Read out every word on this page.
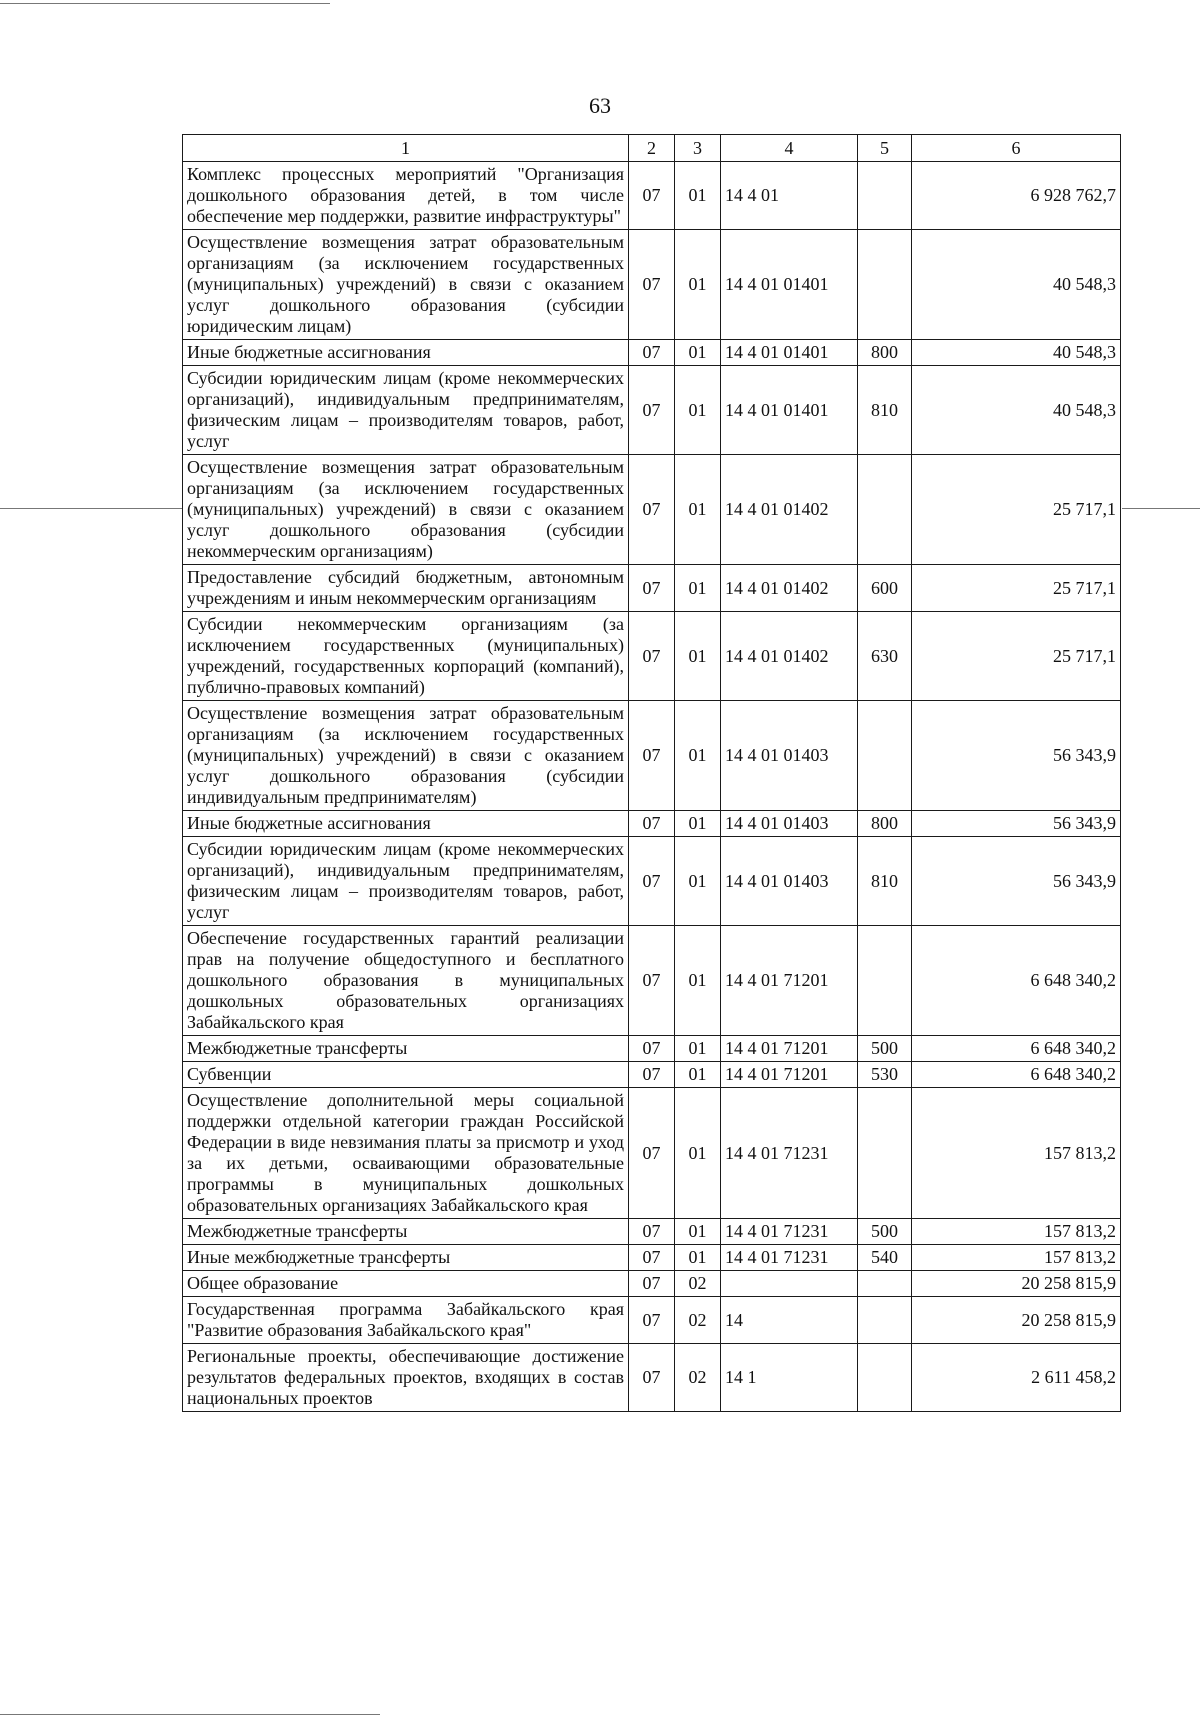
63
1	2	3	4	5	6
Комплекс процессных мероприятий "Организация дошкольного образования детей, в том числе обеспечение мер поддержки, развитие инфраструктуры"	07	01	14 4 01		6 928 762,7
Осуществление возмещения затрат образовательным организациям (за исключением государственных (муниципальных) учреждений) в связи с оказанием услуг дошкольного образования (субсидии юридическим лицам)	07	01	14 4 01 01401		40 548,3
Иные бюджетные ассигнования	07	01	14 4 01 01401	800	40 548,3
Субсидии юридическим лицам (кроме некоммерческих организаций), индивидуальным предпринимателям, физическим лицам – производителям товаров, работ, услуг	07	01	14 4 01 01401	810	40 548,3
Осуществление возмещения затрат образовательным организациям (за исключением государственных (муниципальных) учреждений) в связи с оказанием услуг дошкольного образования (субсидии некоммерческим организациям)	07	01	14 4 01 01402		25 717,1
Предоставление субсидий бюджетным, автономным учреждениям и иным некоммерческим организациям	07	01	14 4 01 01402	600	25 717,1
Субсидии некоммерческим организациям (за исключением государственных (муниципальных) учреждений, государственных корпораций (компаний), публично-правовых компаний)	07	01	14 4 01 01402	630	25 717,1
Осуществление возмещения затрат образовательным организациям (за исключением государственных (муниципальных) учреждений) в связи с оказанием услуг дошкольного образования (субсидии индивидуальным предпринимателям)	07	01	14 4 01 01403		56 343,9
Иные бюджетные ассигнования	07	01	14 4 01 01403	800	56 343,9
Субсидии юридическим лицам (кроме некоммерческих организаций), индивидуальным предпринимателям, физическим лицам – производителям товаров, работ, услуг	07	01	14 4 01 01403	810	56 343,9
Обеспечение государственных гарантий реализации прав на получение общедоступного и бесплатного дошкольного образования в муниципальных дошкольных образовательных организациях Забайкальского края	07	01	14 4 01 71201		6 648 340,2
Межбюджетные трансферты	07	01	14 4 01 71201	500	6 648 340,2
Субвенции	07	01	14 4 01 71201	530	6 648 340,2
Осуществление дополнительной меры социальной поддержки отдельной категории граждан Российской Федерации в виде невзимания платы за присмотр и уход за их детьми, осваивающими образовательные программы в муниципальных дошкольных образовательных организациях Забайкальского края	07	01	14 4 01 71231		157 813,2
Межбюджетные трансферты	07	01	14 4 01 71231	500	157 813,2
Иные межбюджетные трансферты	07	01	14 4 01 71231	540	157 813,2
Общее образование	07	02			20 258 815,9
Государственная программа Забайкальского края "Развитие образования Забайкальского края"	07	02	14		20 258 815,9
Региональные проекты, обеспечивающие достижение результатов федеральных проектов, входящих в состав национальных проектов	07	02	14 1		2 611 458,2
